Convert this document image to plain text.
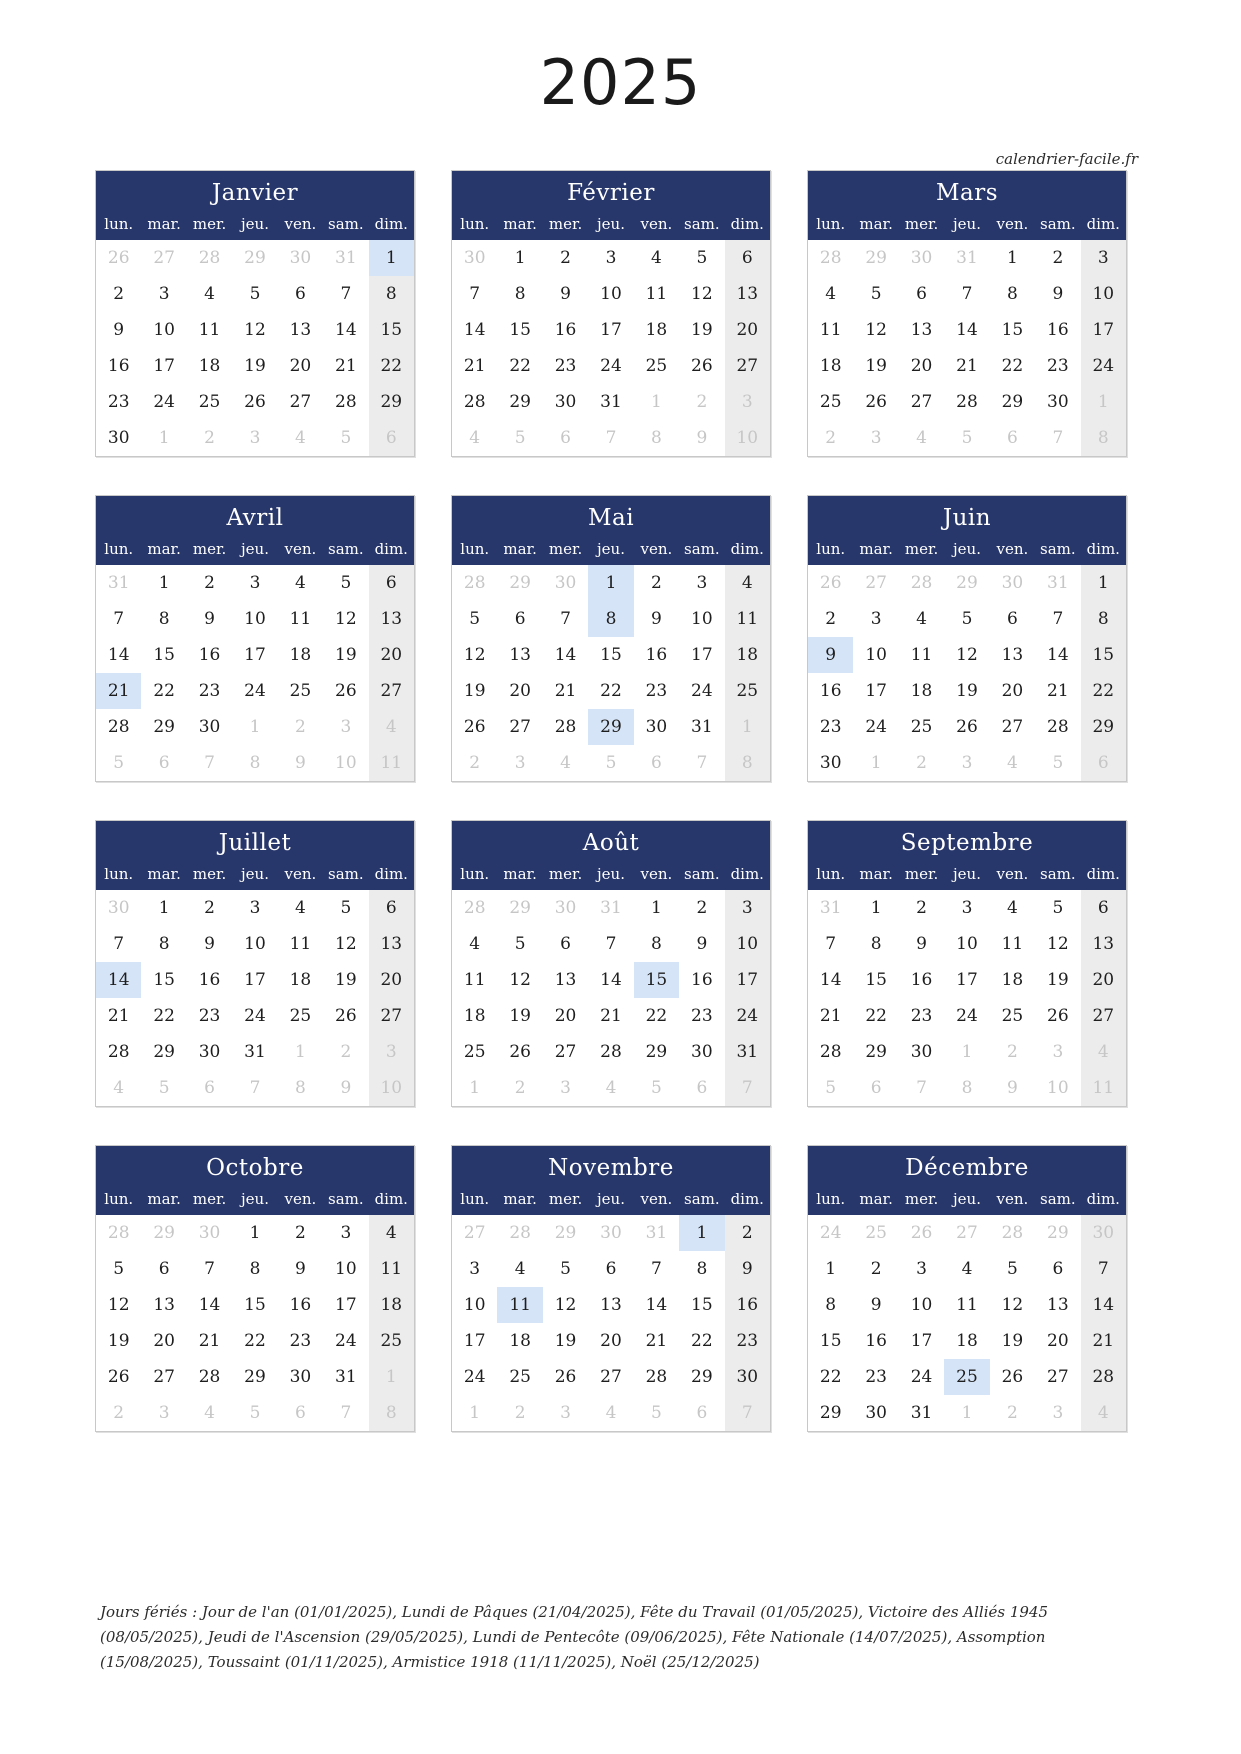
2025
calendrier-facile.fr
Janvier
lun. mar. mer. jeu.	ven. sam. dim.
26	27	28	29	30	31	1
2	3	4	5	6	7	8
9	10	11	12	13	14	15
16	17	18	19	20	21	22
23	24	25	26	27	28	29
30	1	2	3	4	5	6
Février
lun. mar. mer. jeu.	ven. sam. dim.
30	1	2	3	4	5	6
7	8	9	10	11	12	13
14	15	16	17	18	19	20
21	22	23	24	25	26	27
28	29	30	31	1	2	3
4	5	6	7	8	9	10
Mars
lun. mar. mer. jeu.	ven. sam. dim.
28	29	30	31	1	2	3
4	5	6	7	8	9	10
11	12	13	14	15	16	17
18	19	20	21	22	23	24
25	26	27	28	29	30	1
2	3	4	5	6	7	8
Avril
lun. mar. mer. jeu.	ven. sam. dim.
31	1	2	3	4	5	6
7	8	9	10	11	12	13
14	15	16	17	18	19	20
21	22	23	24	25	26	27
28	29	30	1	2	3	4
5	6	7	8	9	10	11
Mai
lun. mar. mer. jeu.	ven. sam. dim.
28	29	30	1	2	3	4
5	6	7	8	9	10	11
12	13	14	15	16	17	18
19	20	21	22	23	24	25
26	27	28	29	30	31	1
2	3	4	5	6	7	8
Juin
lun. mar. mer. jeu.	ven. sam. dim.
26	27	28	29	30	31	1
2	3	4	5	6	7	8
9	10	11	12	13	14	15
16	17	18	19	20	21	22
23	24	25	26	27	28	29
30	1	2	3	4	5	6
Juillet
lun. mar. mer. jeu.	ven. sam. dim.
30	1	2	3	4	5	6
7	8	9	10	11	12	13
14	15	16	17	18	19	20
21	22	23	24	25	26	27
28	29	30	31	1	2	3
4	5	6	7	8	9	10
Août
lun. mar. mer. jeu.	ven. sam. dim.
28	29	30	31	1	2	3
4	5	6	7	8	9	10
11	12	13	14	15	16	17
18	19	20	21	22	23	24
25	26	27	28	29	30	31
1	2	3	4	5	6	7
Septembre
lun. mar. mer. jeu.	ven. sam. dim.
31	1	2	3	4	5	6
7	8	9	10	11	12	13
14	15	16	17	18	19	20
21	22	23	24	25	26	27
28	29	30	1	2	3	4
5	6	7	8	9	10	11
Octobre
lun. mar. mer. jeu.	ven. sam. dim.
28	29	30	1	2	3	4
5	6	7	8	9	10	11
12	13	14	15	16	17	18
19	20	21	22	23	24	25
26	27	28	29	30	31	1
2	3	4	5	6	7	8
Novembre
lun. mar. mer. jeu.	ven. sam. dim.
27	28	29	30	31	1	2
3	4	5	6	7	8	9
10	11	12	13	14	15	16
17	18	19	20	21	22	23
24	25	26	27	28	29	30
1	2	3	4	5	6	7
Décembre
lun. mar. mer. jeu.	ven. sam. dim.
24	25	26	27	28	29	30
1	2	3	4	5	6	7
8	9	10	11	12	13	14
15	16	17	18	19	20	21
22	23	24	25	26	27	28
29	30	31	1	2	3	4
Jours fériés : Jour de l'an (01/01/2025), Lundi de Pâques (21/04/2025), Fête du Travail (01/05/2025), Victoire des Alliés 1945 (08/05/2025), Jeudi de l'Ascension (29/05/2025), Lundi de Pentecôte (09/06/2025), Fête Nationale (14/07/2025), Assomption (15/08/2025), Toussaint (01/11/2025), Armistice 1918 (11/11/2025), Noël (25/12/2025)
